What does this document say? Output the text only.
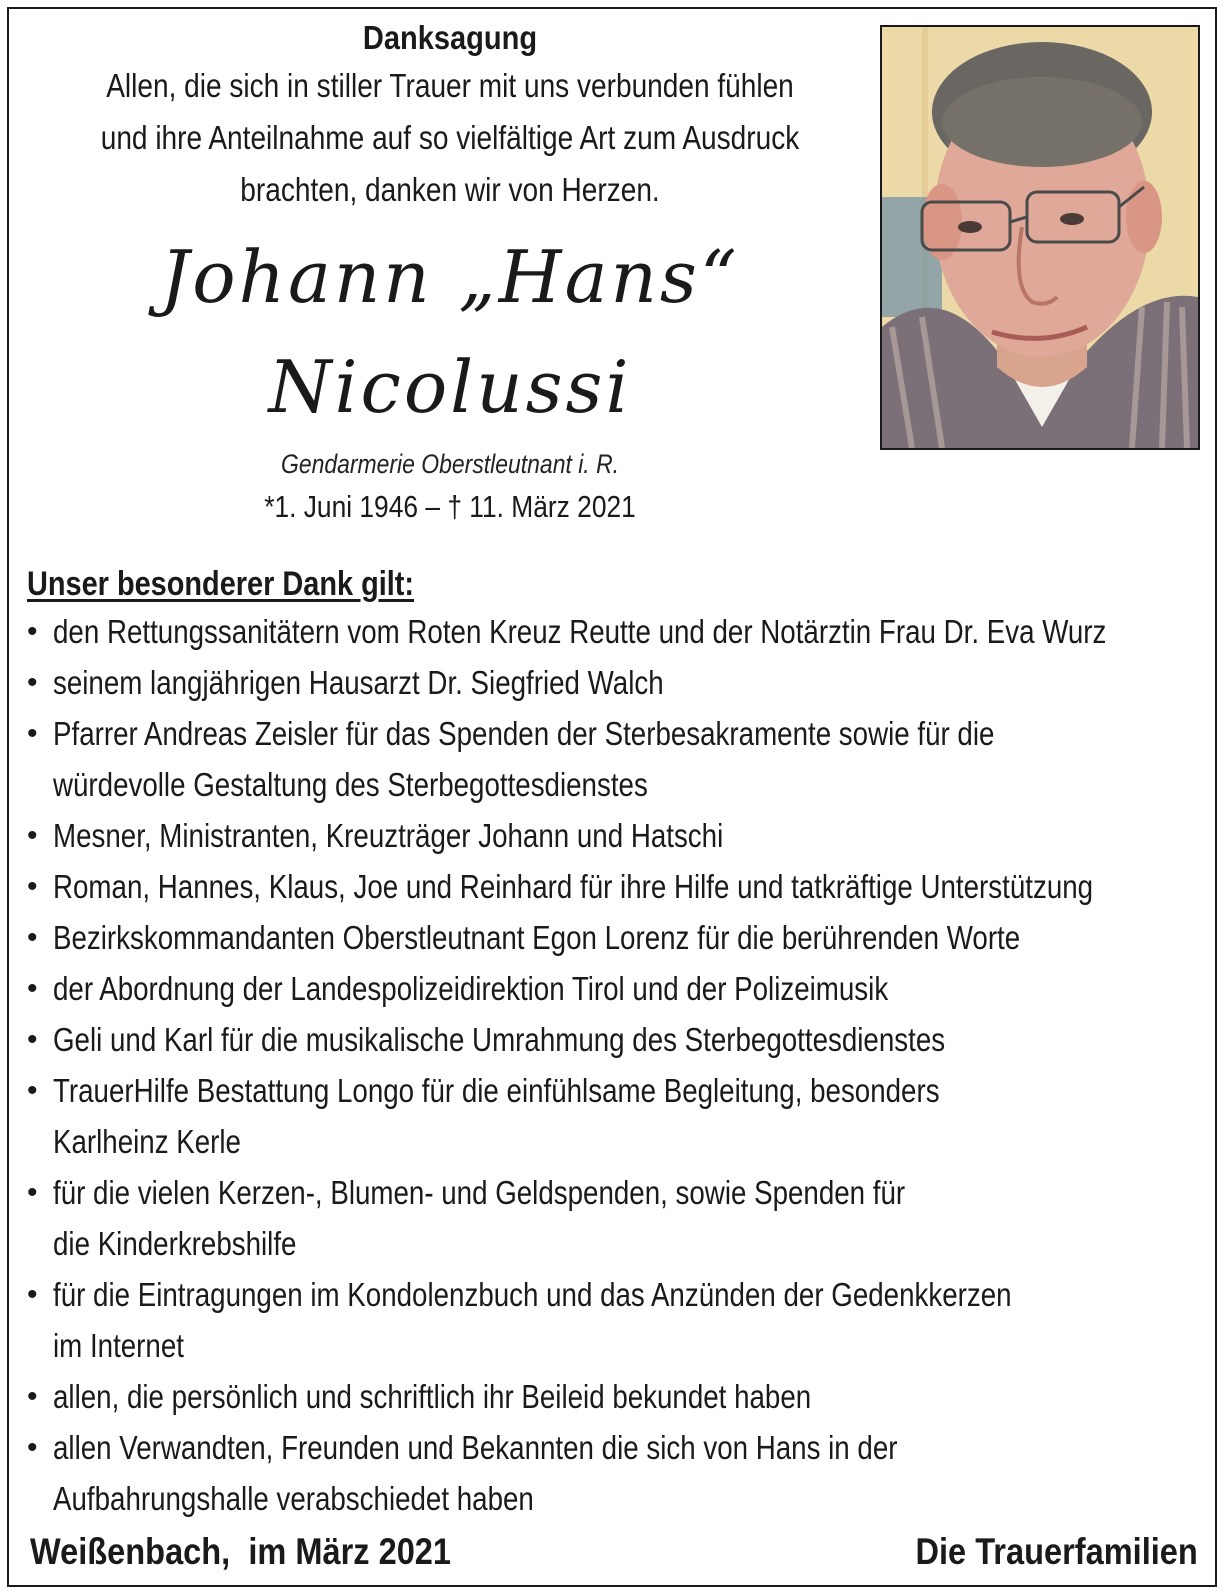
Danksagung
Allen, die sich in stiller Trauer mit uns verbunden fühlen
und ihre Anteilnahme auf so vielfältige Art zum Ausdruck
brachten, danken wir von Herzen.
Johann „Hans“
Nicolussi
Gendarmerie Oberstleutnant i. R.
*1. Juni 1946 – † 11. März 2021
Unser besonderer Dank gilt:
• den Rettungssanitätern vom Roten Kreuz Reutte und der Notärztin Frau Dr. Eva Wurz
• seinem langjährigen Hausarzt Dr. Siegfried Walch
• Pfarrer Andreas Zeisler für das Spenden der Sterbesakramente sowie für die
würdevolle Gestaltung des Sterbegottesdienstes
• Mesner, Ministranten, Kreuzträger Johann und Hatschi
• Roman, Hannes, Klaus, Joe und Reinhard für ihre Hilfe und tatkräftige Unterstützung
• Bezirkskommandanten Oberstleutnant Egon Lorenz für die berührenden Worte
• der Abordnung der Landespolizeidirektion Tirol und der Polizeimusik
• Geli und Karl für die musikalische Umrahmung des Sterbegottesdienstes
• TrauerHilfe Bestattung Longo für die einfühlsame Begleitung, besonders
Karlheinz Kerle
• für die vielen Kerzen-, Blumen- und Geldspenden, sowie Spenden für
die Kinderkrebshilfe
• für die Eintragungen im Kondolenzbuch und das Anzünden der Gedenkkerzen
im Internet
• allen, die persönlich und schriftlich ihr Beileid bekundet haben
• allen Verwandten, Freunden und Bekannten die sich von Hans in der
Aufbahrungshalle verabschiedet haben
Weißenbach,  im März 2021	Die Trauerfamilien
